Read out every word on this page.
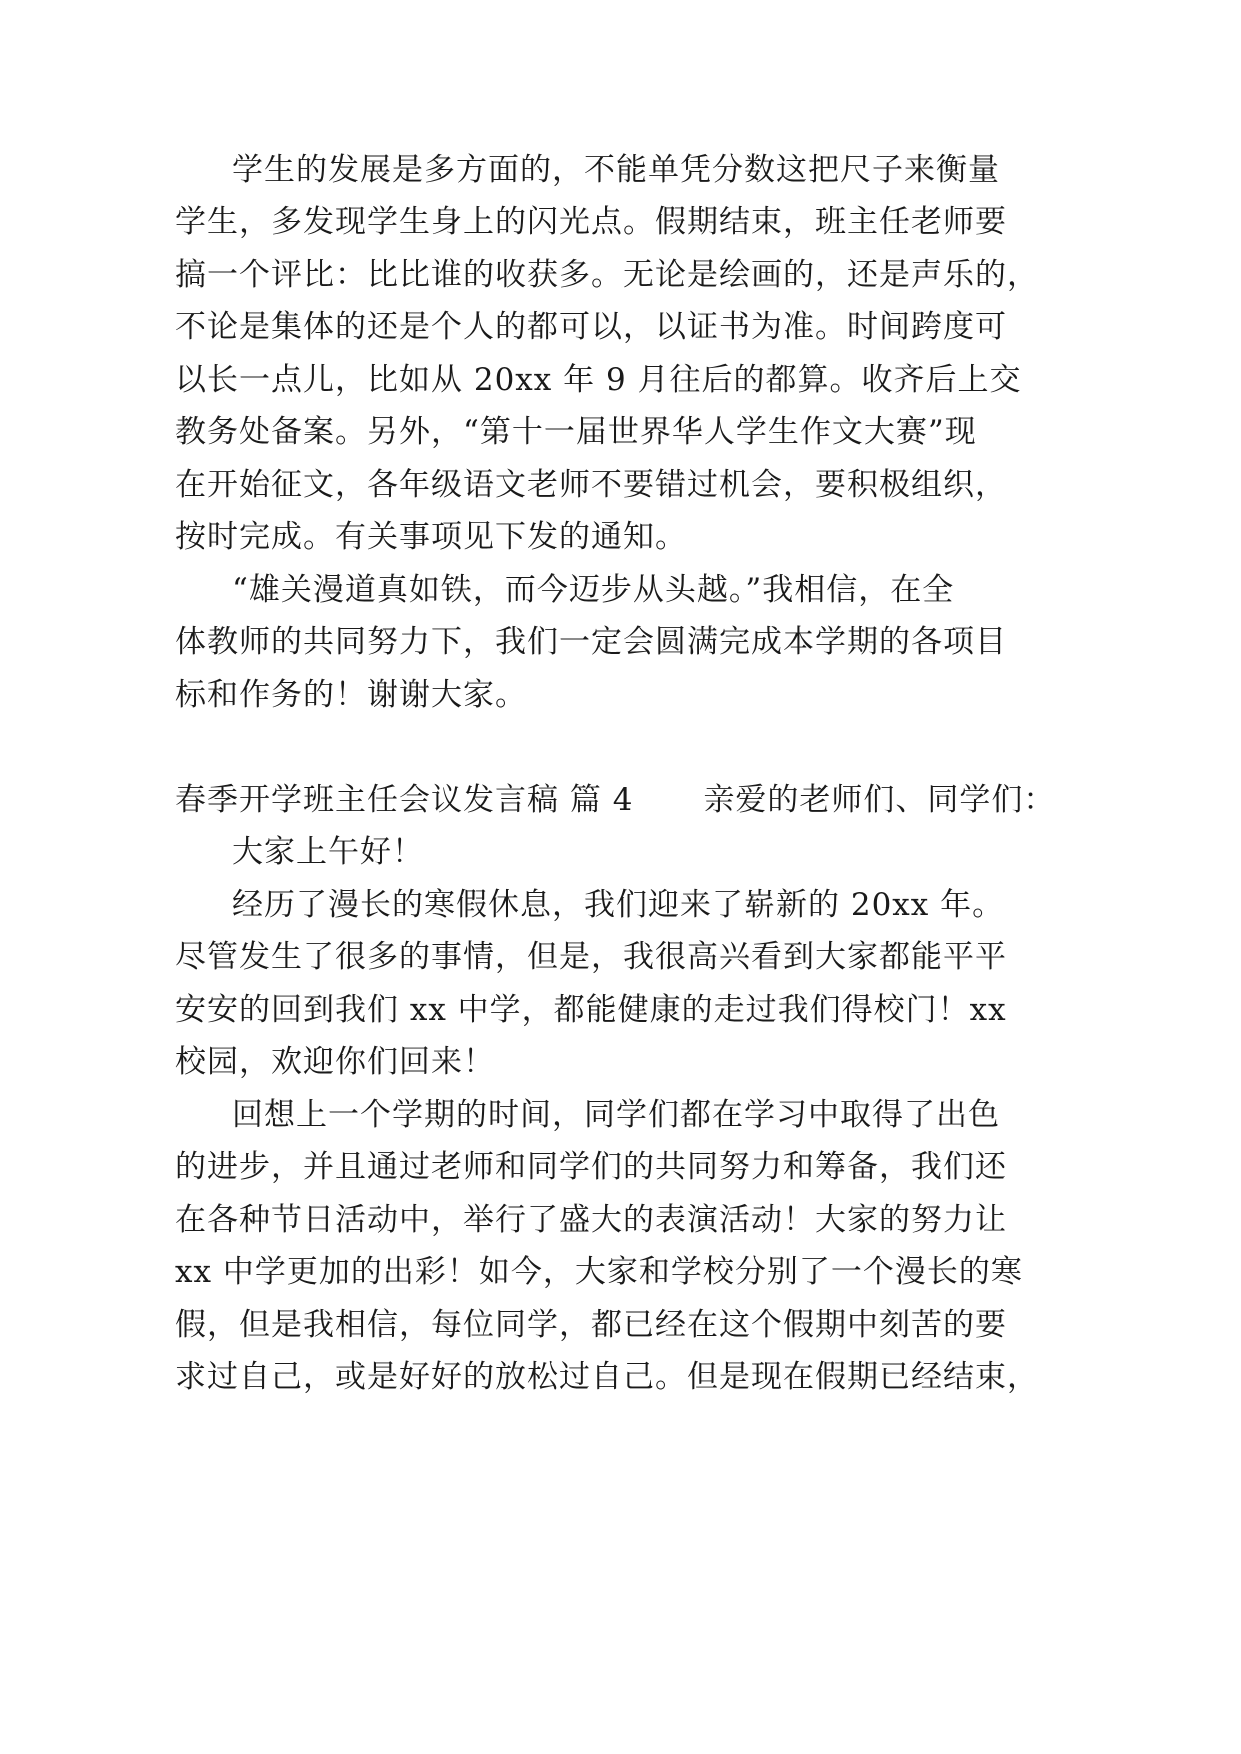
学生的发展是多方面的，不能单凭分数这把尺子来衡量
学生，多发现学生身上的闪光点。假期结束，班主任老师要
搞一个评比：比比谁的收获多。无论是绘画的，还是声乐的，
不论是集体的还是个人的都可以，以证书为准。时间跨度可
以长一点儿，比如从 20xx 年 9 月往后的都算。收齐后上交
教务处备案。另外，“第十一届世界华人学生作文大赛”现
在开始征文，各年级语文老师不要错过机会，要积极组织，
按时完成。有关事项见下发的通知。
“雄关漫道真如铁，而今迈步从头越。”我相信，在全
体教师的共同努力下，我们一定会圆满完成本学期的各项目
标和作务的！谢谢大家。
春季开学班主任会议发言稿 篇 4 亲爱的老师们、同学们：
大家上午好！
经历了漫长的寒假休息，我们迎来了崭新的 20xx 年。
尽管发生了很多的事情，但是，我很高兴看到大家都能平平
安安的回到我们 xx 中学，都能健康的走过我们得校门！xx
校园，欢迎你们回来！
回想上一个学期的时间，同学们都在学习中取得了出色
的进步，并且通过老师和同学们的共同努力和筹备，我们还
在各种节日活动中，举行了盛大的表演活动！大家的努力让
xx 中学更加的出彩！如今，大家和学校分别了一个漫长的寒
假，但是我相信，每位同学，都已经在这个假期中刻苦的要
求过自己，或是好好的放松过自己。但是现在假期已经结束，
